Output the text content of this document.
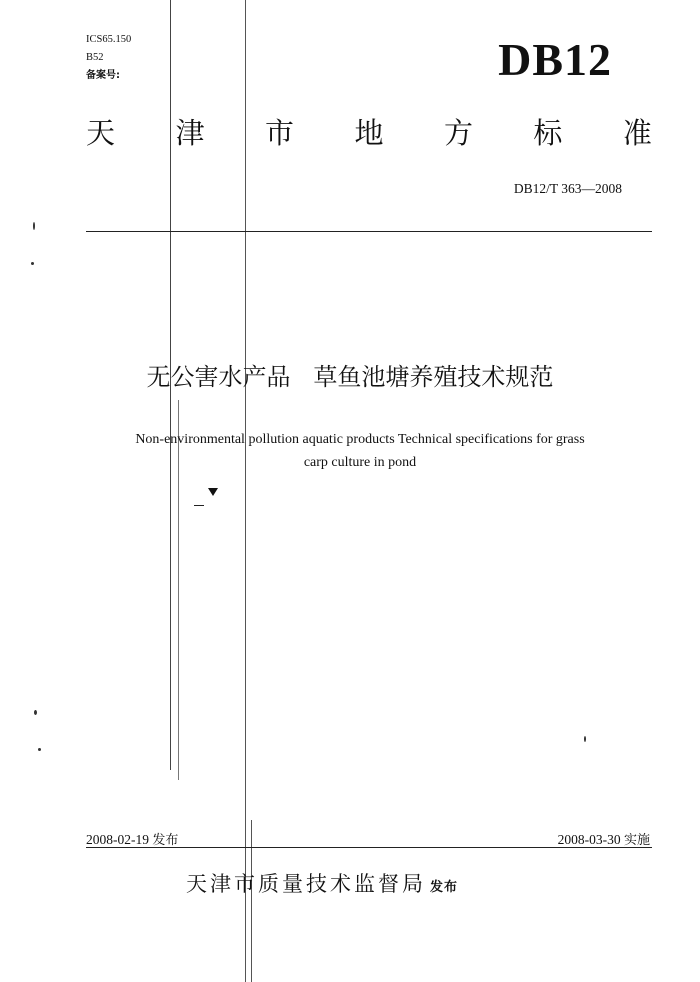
ICS65.150
B52
备案号:	DB12
天 津 市 地 方 标 准
DB12/T 363—2008
无公害水产品   草鱼池塘养殖技术规范
Non-environmental pollution aquatic products Technical specifications for grass
carp culture in pond
2008-02-19 发布	2008-03-30 实施
天津市质量技术监督局 发布
